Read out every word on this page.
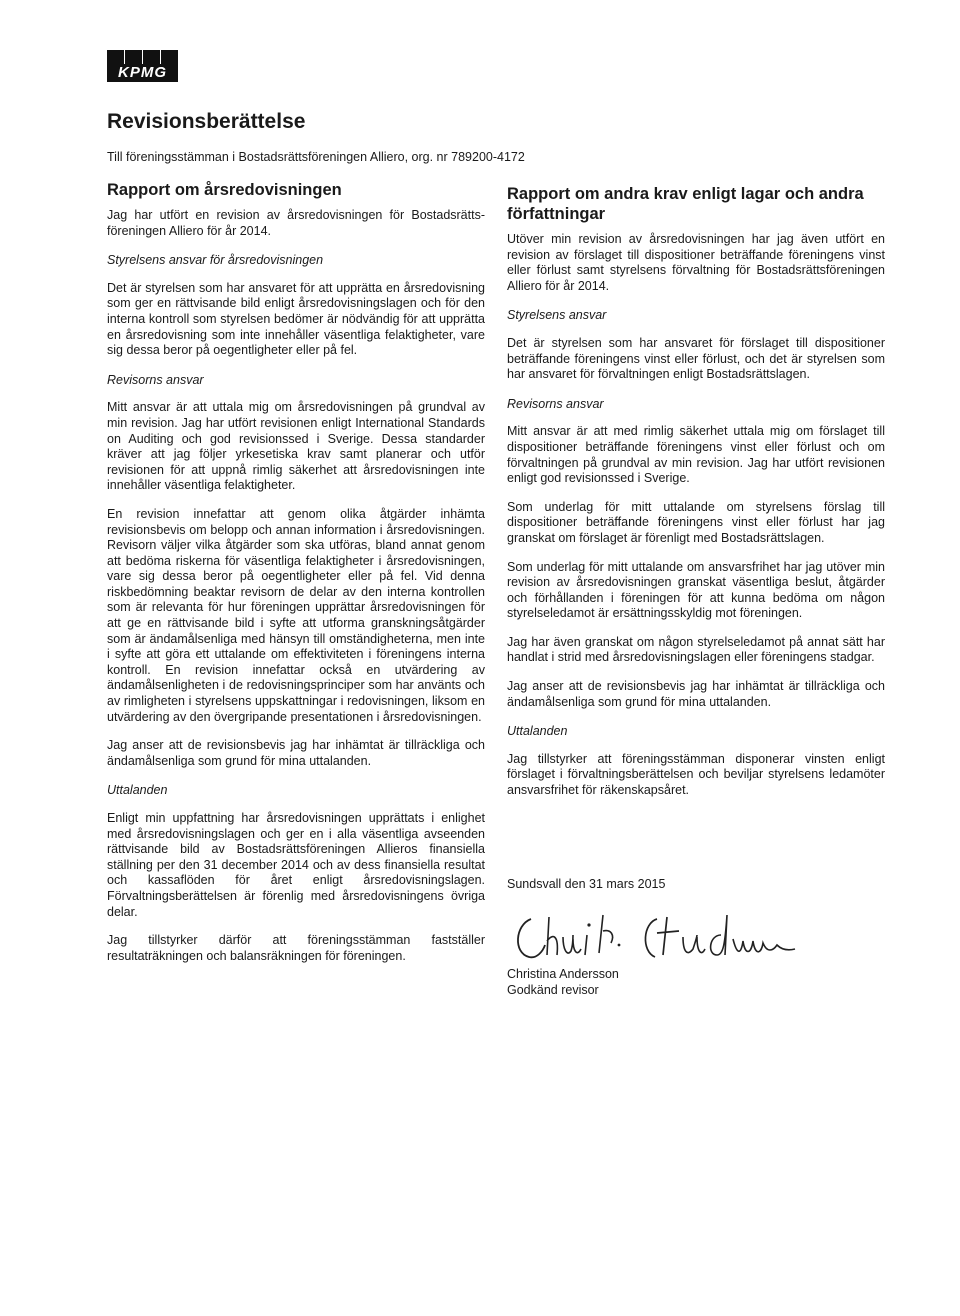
KPMG
Revisionsberättelse

Till föreningsstämman i Bostadsrättsföreningen Alliero, org. nr 789200-4172

Rapport om årsredovisningen

Jag har utfört en revision av årsredovisningen för Bostadsrätts-föreningen Alliero för år 2014.

Styrelsens ansvar för årsredovisningen

Det är styrelsen som har ansvaret för att upprätta en årsredovisning som ger en rättvisande bild enligt årsredovisningslagen och för den interna kontroll som styrelsen bedömer är nödvändig för att upprätta en årsredovisning som inte innehåller väsentliga felaktigheter, vare sig dessa beror på oegentligheter eller på fel.

Revisorns ansvar

Mitt ansvar är att uttala mig om årsredovisningen på grundval av min revision. Jag har utfört revisionen enligt International Standards on Auditing och god revisionssed i Sverige. Dessa standarder kräver att jag följer yrkesetiska krav samt planerar och utför revisionen för att uppnå rimlig säkerhet att årsredovisningen inte innehåller väsentliga felaktigheter.

En revision innefattar att genom olika åtgärder inhämta revisionsbevis om belopp och annan information i årsredovisningen. Revisorn väljer vilka åtgärder som ska utföras, bland annat genom att bedöma riskerna för väsentliga felaktigheter i årsredovisningen, vare sig dessa beror på oegentligheter eller på fel. Vid denna riskbedömning beaktar revisorn de delar av den interna kontrollen som är relevanta för hur föreningen upprättar årsredovisningen för att ge en rättvisande bild i syfte att utforma granskningsåtgärder som är ändamålsenliga med hänsyn till omständigheterna, men inte i syfte att göra ett uttalande om effektiviteten i föreningens interna kontroll. En revision innefattar också en utvärdering av ändamålsenligheten i de redovisningsprinciper som har använts och av rimligheten i styrelsens uppskattningar i redovisningen, liksom en utvärdering av den övergripande presentationen i årsredovisningen.

Jag anser att de revisionsbevis jag har inhämtat är tillräckliga och ändamålsenliga som grund för mina uttalanden.

Uttalanden

Enligt min uppfattning har årsredovisningen upprättats i enlighet med årsredovisningslagen och ger en i alla väsentliga avseenden rättvisande bild av Bostadsrättsföreningen Allieros finansiella ställning per den 31 december 2014 och av dess finansiella resultat och kassaflöden för året enligt årsredovisningslagen. Förvaltningsberättelsen är förenlig med årsredovisningens övriga delar.

Jag tillstyrker därför att föreningsstämman fastställer resultaträkningen och balansräkningen för föreningen.

Rapport om andra krav enligt lagar och andra författningar

Utöver min revision av årsredovisningen har jag även utfört en revision av förslaget till dispositioner beträffande föreningens vinst eller förlust samt styrelsens förvaltning för Bostadsrättsföreningen Alliero för år 2014.

Styrelsens ansvar

Det är styrelsen som har ansvaret för förslaget till dispositioner beträffande föreningens vinst eller förlust, och det är styrelsen som har ansvaret för förvaltningen enligt Bostadsrättslagen.

Revisorns ansvar

Mitt ansvar är att med rimlig säkerhet uttala mig om förslaget till dispositioner beträffande föreningens vinst eller förlust och om förvaltningen på grundval av min revision. Jag har utfört revisionen enligt god revisionssed i Sverige.

Som underlag för mitt uttalande om styrelsens förslag till dispositioner beträffande föreningens vinst eller förlust har jag granskat om förslaget är förenligt med Bostadsrättslagen.

Som underlag för mitt uttalande om ansvarsfrihet har jag utöver min revision av årsredovisningen granskat väsentliga beslut, åtgärder och förhållanden i föreningen för att kunna bedöma om någon styrelseledamot är ersättningsskyldig mot föreningen.

Jag har även granskat om någon styrelseledamot på annat sätt har handlat i strid med årsredovisningslagen eller föreningens stadgar.

Jag anser att de revisionsbevis jag har inhämtat är tillräckliga och ändamålsenliga som grund för mina uttalanden.

Uttalanden

Jag tillstyrker att föreningsstämman disponerar vinsten enligt förslaget i förvaltningsberättelsen och beviljar styrelsens ledamöter ansvarsfrihet för räkenskapsåret.

Sundsvall den 31 mars 2015

Christina Andersson

Godkänd revisor
